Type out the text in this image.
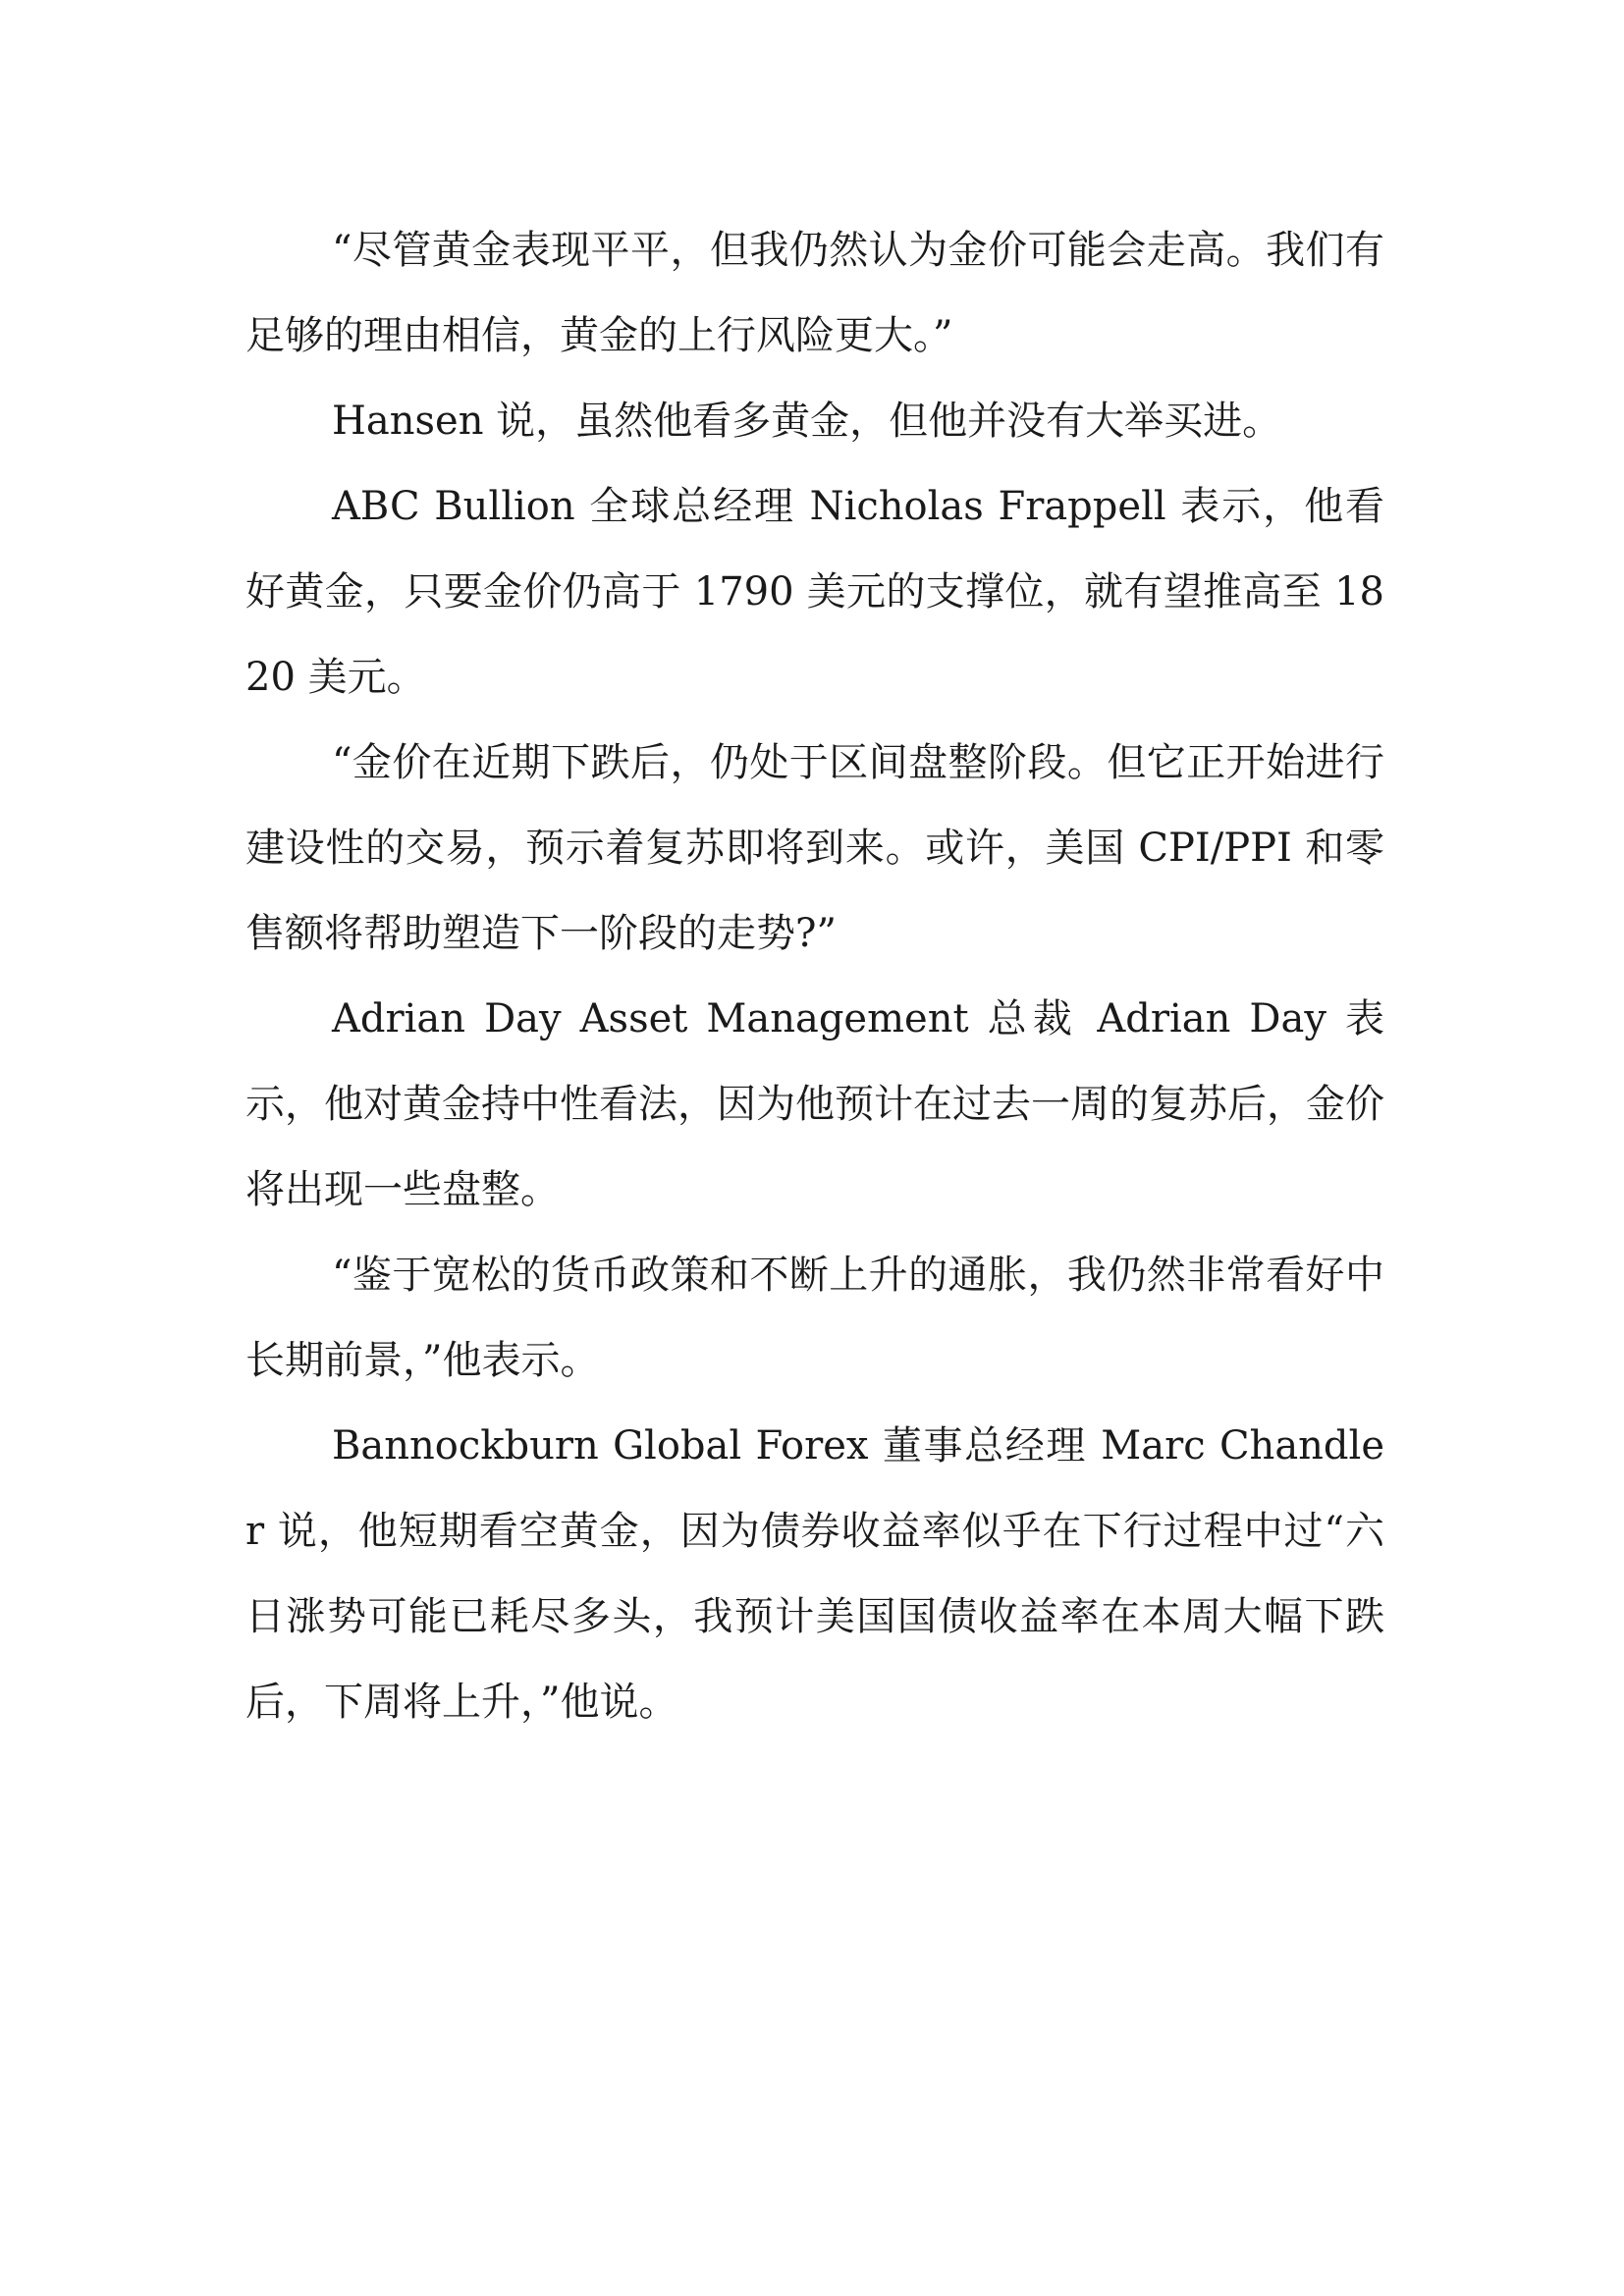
“尽管黄金表现平平，但我仍然认为金价可能会走高。我们有足够的理由相信，黄金的上行风险更大。”

Hansen 说，虽然他看多黄金，但他并没有大举买进。

ABC Bullion 全球总经理 Nicholas Frappell 表示，他看好黄金，只要金价仍高于 1790 美元的支撑位，就有望推高至 1820 美元。

“金价在近期下跌后，仍处于区间盘整阶段。但它正开始进行建设性的交易，预示着复苏即将到来。或许，美国 CPI/PPI 和零售额将帮助塑造下一阶段的走势?”

Adrian Day Asset Management 总裁 Adrian Day 表示，他对黄金持中性看法，因为他预计在过去一周的复苏后，金价将出现一些盘整。

“鉴于宽松的货币政策和不断上升的通胀，我仍然非常看好中长期前景，”他表示。

Bannockburn Global Forex 董事总经理 Marc Chandler 说，他短期看空黄金，因为债券收益率似乎在下行过程中过“六日涨势可能已耗尽多头，我预计美国国债收益率在本周大幅下跌后，下周将上升，”他说。
